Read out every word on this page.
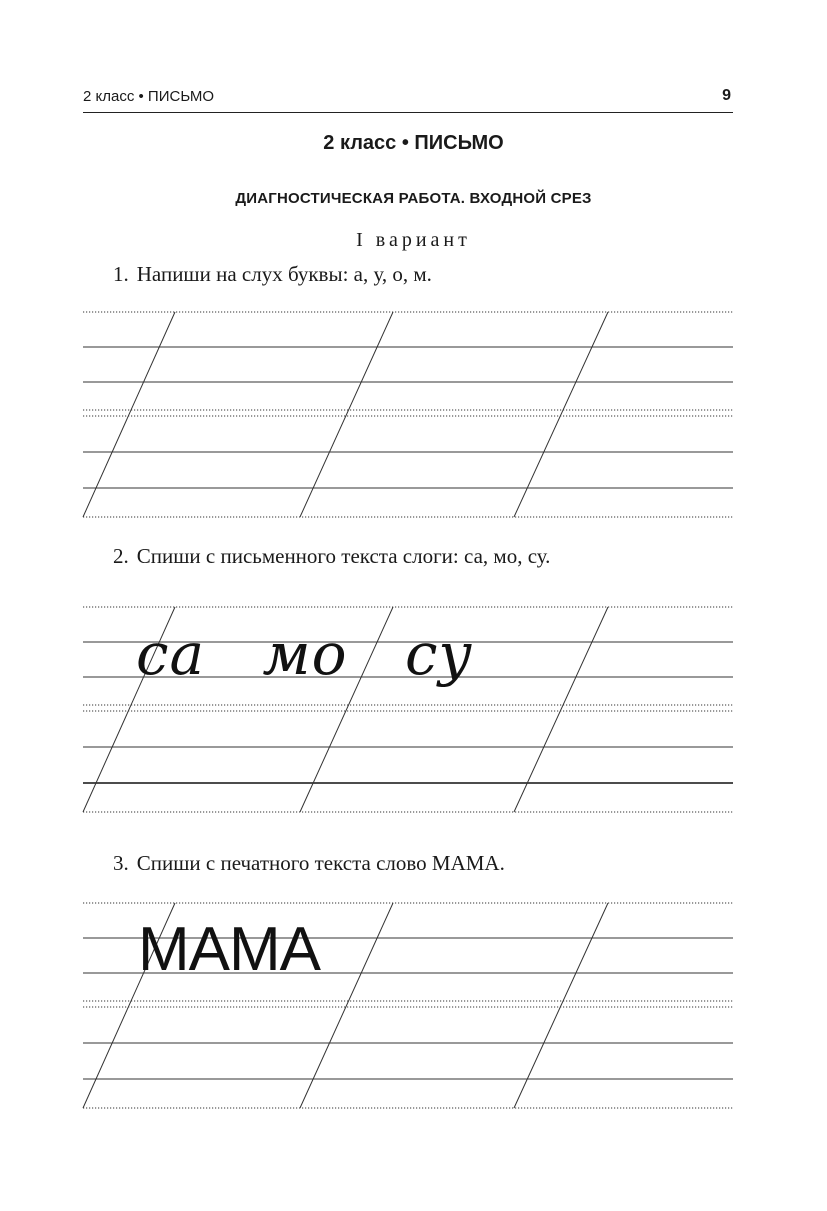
2 класс • ПИСЬМО	9
2 класс • ПИСЬМО
ДИАГНОСТИЧЕСКАЯ РАБОТА. ВХОДНОЙ СРЕЗ
I вариант
1. Напиши на слух буквы: а, у, о, м.
2. Спиши с письменного текста слоги: са, мо, су.
3. Спиши с печатного текста слово МАМА.
са мо су
МАМА
